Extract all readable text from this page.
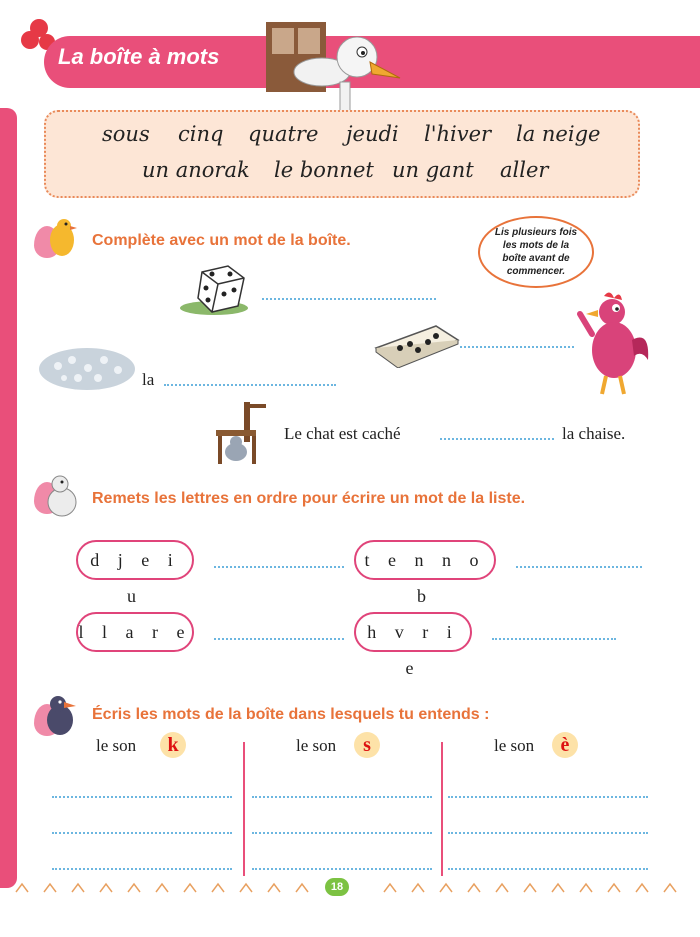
La boîte à mots
sous cinq quatre jeudi l'hiver la neige
un anorak le bonnet un gant aller
Complète avec un mot de la boîte.	Lis plusieurs fois les mots de la boîte avant de commencer.
la
Le chat est caché	la chaise.
Remets les lettres en ordre pour écrire un mot de la liste.
d j e i u
t e n n o b
l l a r e	h v r i e
Écris les mots de la boîte dans lesquels tu entends :
le son	k	le son	s	le son	è
18
